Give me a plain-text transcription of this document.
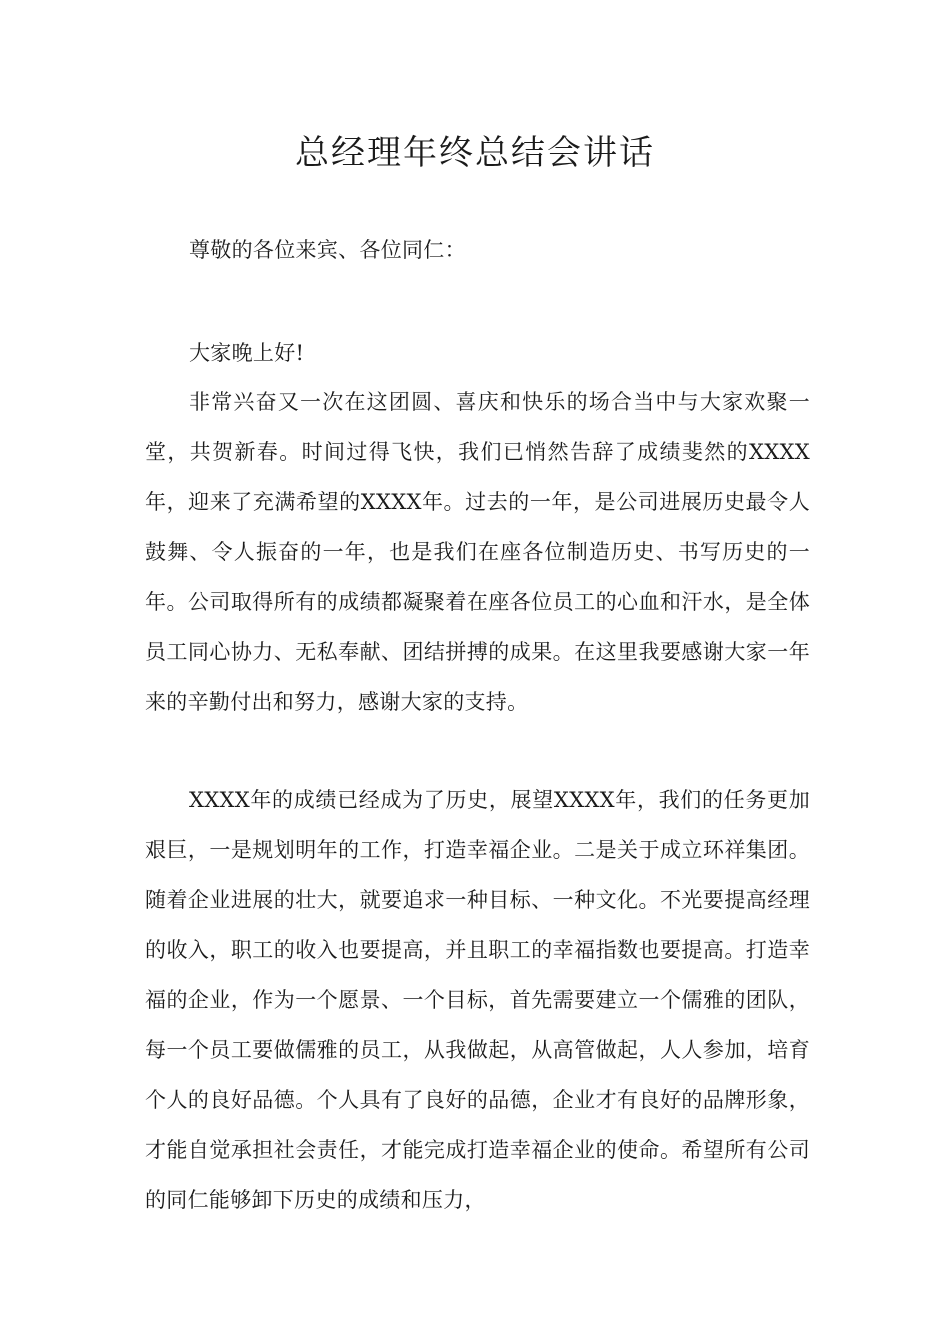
总经理年终总结会讲话

尊敬的各位来宾、各位同仁：

大家晚上好!

非常兴奋又一次在这团圆、喜庆和快乐的场合当中与大家欢聚一堂，共贺新春。时间过得飞快，我们已悄然告辞了成绩斐然的XXXX年，迎来了充满希望的XXXX年。过去的一年，是公司进展历史最令人鼓舞、令人振奋的一年，也是我们在座各位制造历史、书写历史的一年。公司取得所有的成绩都凝聚着在座各位员工的心血和汗水，是全体员工同心协力、无私奉献、团结拼搏的成果。在这里我要感谢大家一年来的辛勤付出和努力，感谢大家的支持。

XXXX年的成绩已经成为了历史，展望XXXX年，我们的任务更加艰巨，一是规划明年的工作，打造幸福企业。二是关于成立环祥集团。随着企业进展的壮大，就要追求一种目标、一种文化。不光要提高经理的收入，职工的收入也要提高，并且职工的幸福指数也要提高。打造幸福的企业，作为一个愿景、一个目标，首先需要建立一个儒雅的团队，每一个员工要做儒雅的员工，从我做起，从高管做起，人人参加，培育个人的良好品德。个人具有了良好的品德，企业才有良好的品牌形象，才能自觉承担社会责任，才能完成打造幸福企业的使命。希望所有公司的同仁能够卸下历史的成绩和压力，
